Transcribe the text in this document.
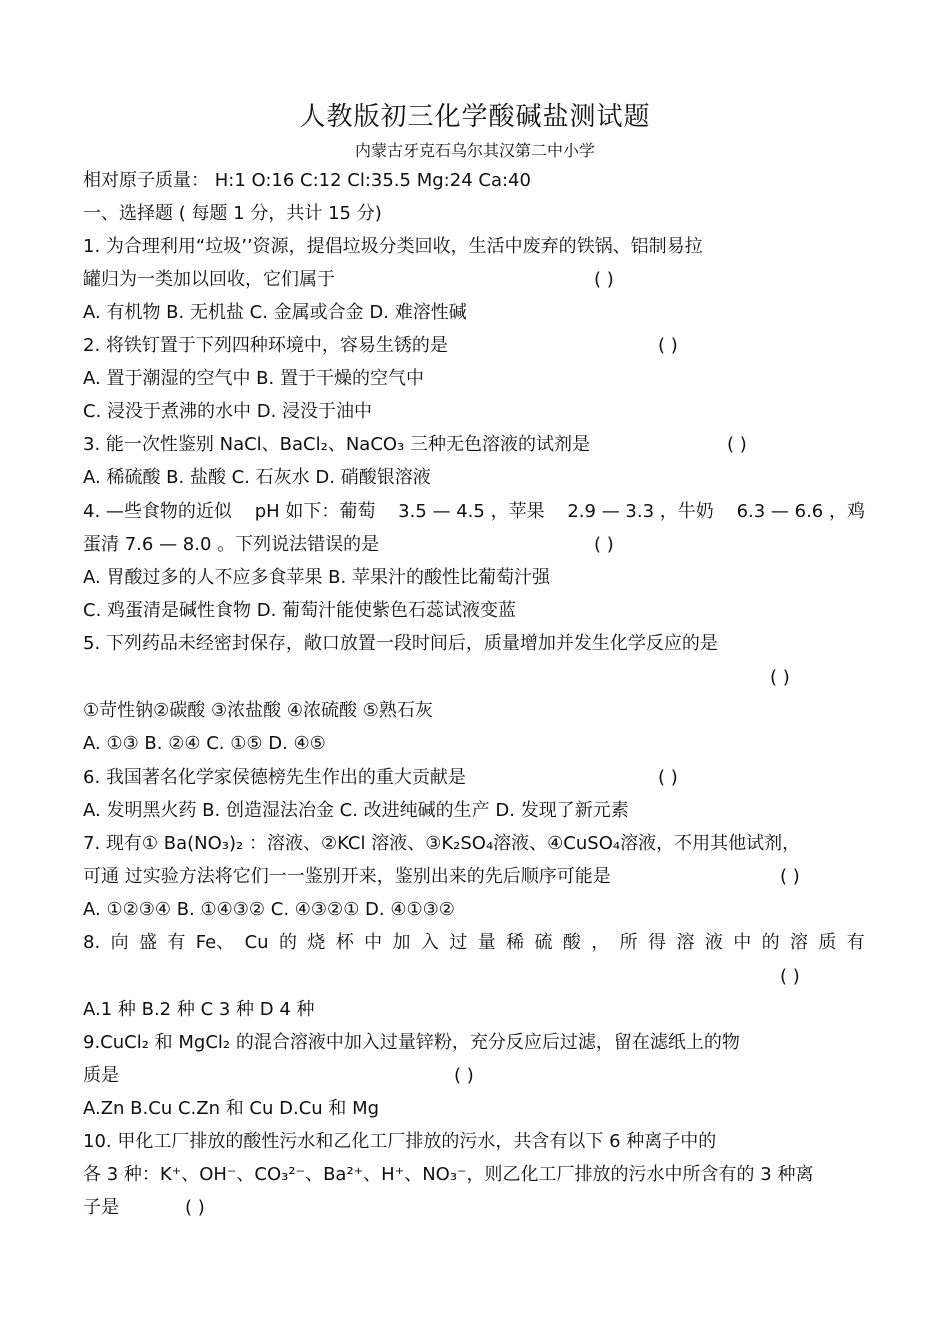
人教版初三化学酸碱盐测试题
内蒙古牙克石乌尔其汉第二中小学
相对原子质量： H:1 O:16 C:12 Cl:35.5 Mg:24 Ca:40
一、选择题 ( 每题 1 分，共计 15 分)
1. 为合理利用“垃圾’’资源，提倡垃圾分类回收，生活中废弃的铁锅、铝制易拉
罐归为一类加以回收，它们属于	( )
A. 有机物 B. 无机盐 C. 金属或合金 D. 难溶性碱
2. 将铁钉置于下列四种环境中，容易生锈的是	( )
A. 置于潮湿的空气中 B. 置于干燥的空气中
C. 浸没于煮沸的水中 D. 浸没于油中
3. 能一次性鉴别 NaCl、BaCl₂、NaCO₃ 三种无色溶液的试剂是	( )
A. 稀硫酸 B. 盐酸 C. 石灰水 D. 硝酸银溶液
4. —些食物的近似 pH 如下：葡萄 3.5 — 4.5 ，苹果 2.9 — 3.3 ，牛奶 6.3 — 6.6 ，鸡
蛋清 7.6 — 8.0 。下列说法错误的是	( )
A. 胃酸过多的人不应多食苹果 B. 苹果汁的酸性比葡萄汁强
C. 鸡蛋清是碱性食物 D. 葡萄汁能使紫色石蕊试液变蓝
5. 下列药品未经密封保存，敞口放置一段时间后，质量增加并发生化学反应的是
( )
①苛性钠②碳酸 ③浓盐酸 ④浓硫酸 ⑤熟石灰
A. ①③ B. ②④ C. ①⑤ D. ④⑤
6. 我国著名化学家侯德榜先生作出的重大贡献是	( )
A. 发明黑火药 B. 创造湿法冶金 C. 改进纯碱的生产 D. 发现了新元素
7. 现有① Ba(NO₃)₂ ：溶液、②KCl 溶液、③K₂SO₄溶液、④CuSO₄溶液，不用其他试剂，
可通 过实验方法将它们一一鉴别开来，鉴别出来的先后顺序可能是	( )
A. ①②③④ B. ①④③② C. ④③②① D. ④①③②
8. 向 盛 有 Fe、 Cu 的 烧 杯 中 加 入 过 量 稀 硫 酸 ， 所 得 溶 液 中 的 溶 质 有
( )
A.1 种 B.2 种 C 3 种 D 4 种
9.CuCl₂ 和 MgCl₂ 的混合溶液中加入过量锌粉，充分反应后过滤，留在滤纸上的物
质是	( )
A.Zn B.Cu C.Zn 和 Cu D.Cu 和 Mg
10. 甲化工厂排放的酸性污水和乙化工厂排放的污水，共含有以下 6 种离子中的
各 3 种：K⁺、OH⁻、CO₃²⁻、Ba²⁺、H⁺、NO₃⁻，则乙化工厂排放的污水中所含有的 3 种离
子是	( )
